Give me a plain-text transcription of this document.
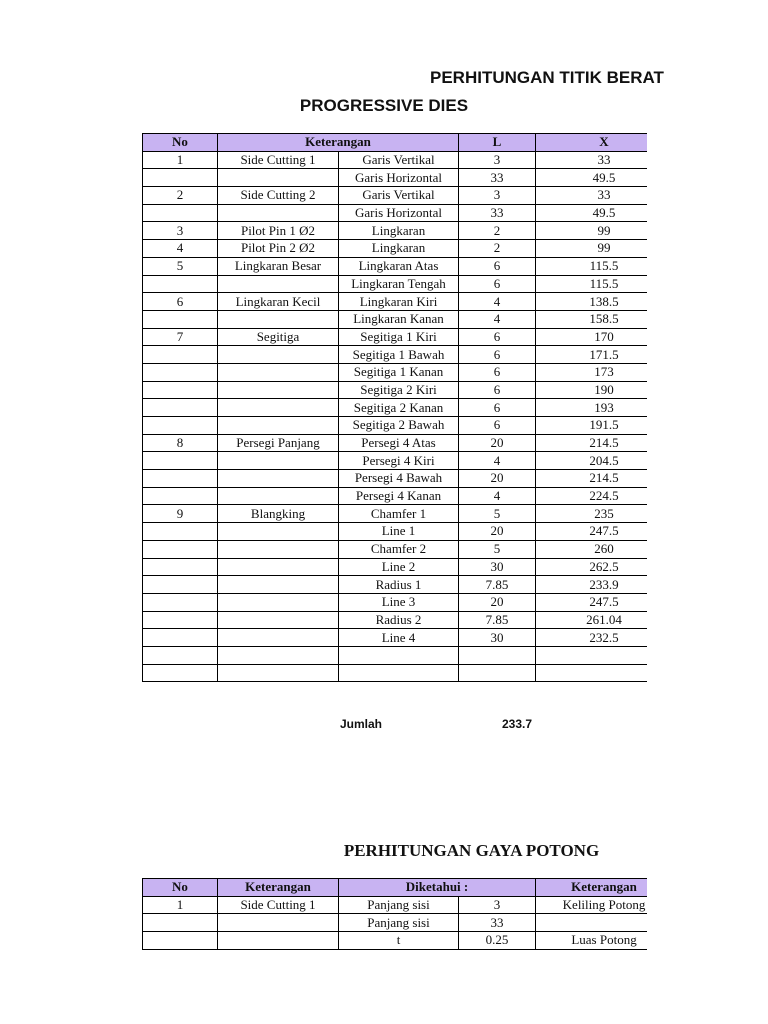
PERHITUNGAN TITIK BERAT
PROGRESSIVE DIES
No	Keterangan		L	X
1	Side Cutting 1	Garis Vertikal	3	33
		Garis Horizontal	33	49.5
2	Side Cutting 2	Garis Vertikal	3	33
		Garis Horizontal	33	49.5
3	Pilot Pin 1 Ø2	Lingkaran	2	99
4	Pilot Pin 2 Ø2	Lingkaran	2	99
5	Lingkaran Besar	Lingkaran Atas	6	115.5
		Lingkaran Tengah	6	115.5
6	Lingkaran Kecil	Lingkaran Kiri	4	138.5
		Lingkaran Kanan	4	158.5
7	Segitiga	Segitiga 1 Kiri	6	170
		Segitiga 1 Bawah	6	171.5
		Segitiga 1 Kanan	6	173
		Segitiga 2 Kiri	6	190
		Segitiga 2 Kanan	6	193
		Segitiga 2 Bawah	6	191.5
8	Persegi Panjang	Persegi 4 Atas	20	214.5
		Persegi 4 Kiri	4	204.5
		Persegi 4 Bawah	20	214.5
		Persegi 4 Kanan	4	224.5
9	Blangking	Chamfer 1	5	235
		Line 1	20	247.5
		Chamfer 2	5	260
		Line 2	30	262.5
		Radius 1	7.85	233.9
		Line 3	20	247.5
		Radius 2	7.85	261.04
		Line 4	30	232.5

Jumlah	233.7
PERHITUNGAN GAYA POTONG
No	Keterangan	Diketahui :		Keterangan
1	Side Cutting 1	Panjang sisi	3	Keliling Potong
		Panjang sisi	33	
		t	0.25	Luas Potong
